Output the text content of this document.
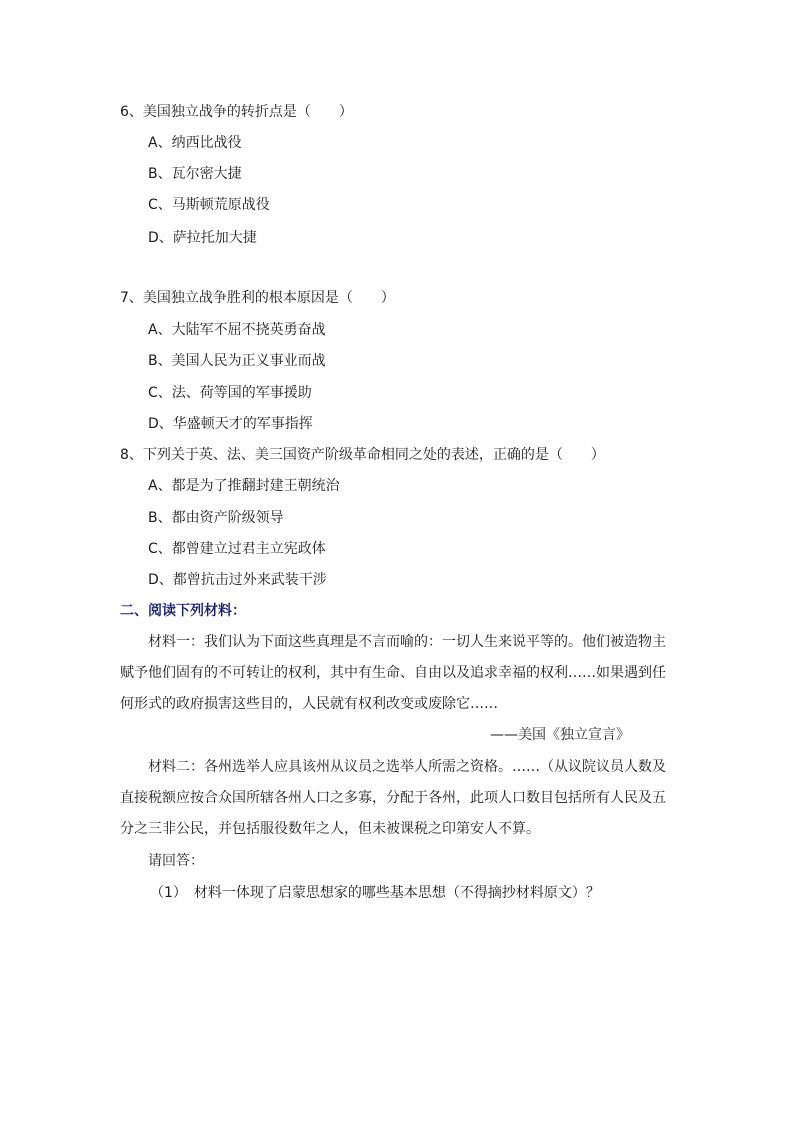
6、美国独立战争的转折点是（　　）
A、纳西比战役
B、瓦尔密大捷
C、马斯顿荒原战役
D、萨拉托加大捷
7、美国独立战争胜利的根本原因是（　　）
A、大陆军不屈不挠英勇奋战
B、美国人民为正义事业而战
C、法、荷等国的军事援助
D、华盛顿天才的军事指挥
8、下列关于英、法、美三国资产阶级革命相同之处的表述，正确的是（　　）
A、都是为了推翻封建王朝统治
B、都由资产阶级领导
C、都曾建立过君主立宪政体
D、都曾抗击过外来武装干涉
二、阅读下列材料：
材料一：我们认为下面这些真理是不言而喻的：一切人生来说平等的。他们被造物主赋予他们固有的不可转让的权利，其中有生命、自由以及追求幸福的权利……如果遇到任何形式的政府损害这些目的，人民就有权利改变或废除它……
——美国《独立宣言》
材料二：各州选举人应具该州从议员之选举人所需之资格。……（从议院议员人数及直接税额应按合众国所辖各州人口之多寡，分配于各州，此项人口数目包括所有人民及五分之三非公民，并包括服役数年之人，但未被课税之印第安人不算。
请回答：
（1）　材料一体现了启蒙思想家的哪些基本思想（不得摘抄材料原文）？
